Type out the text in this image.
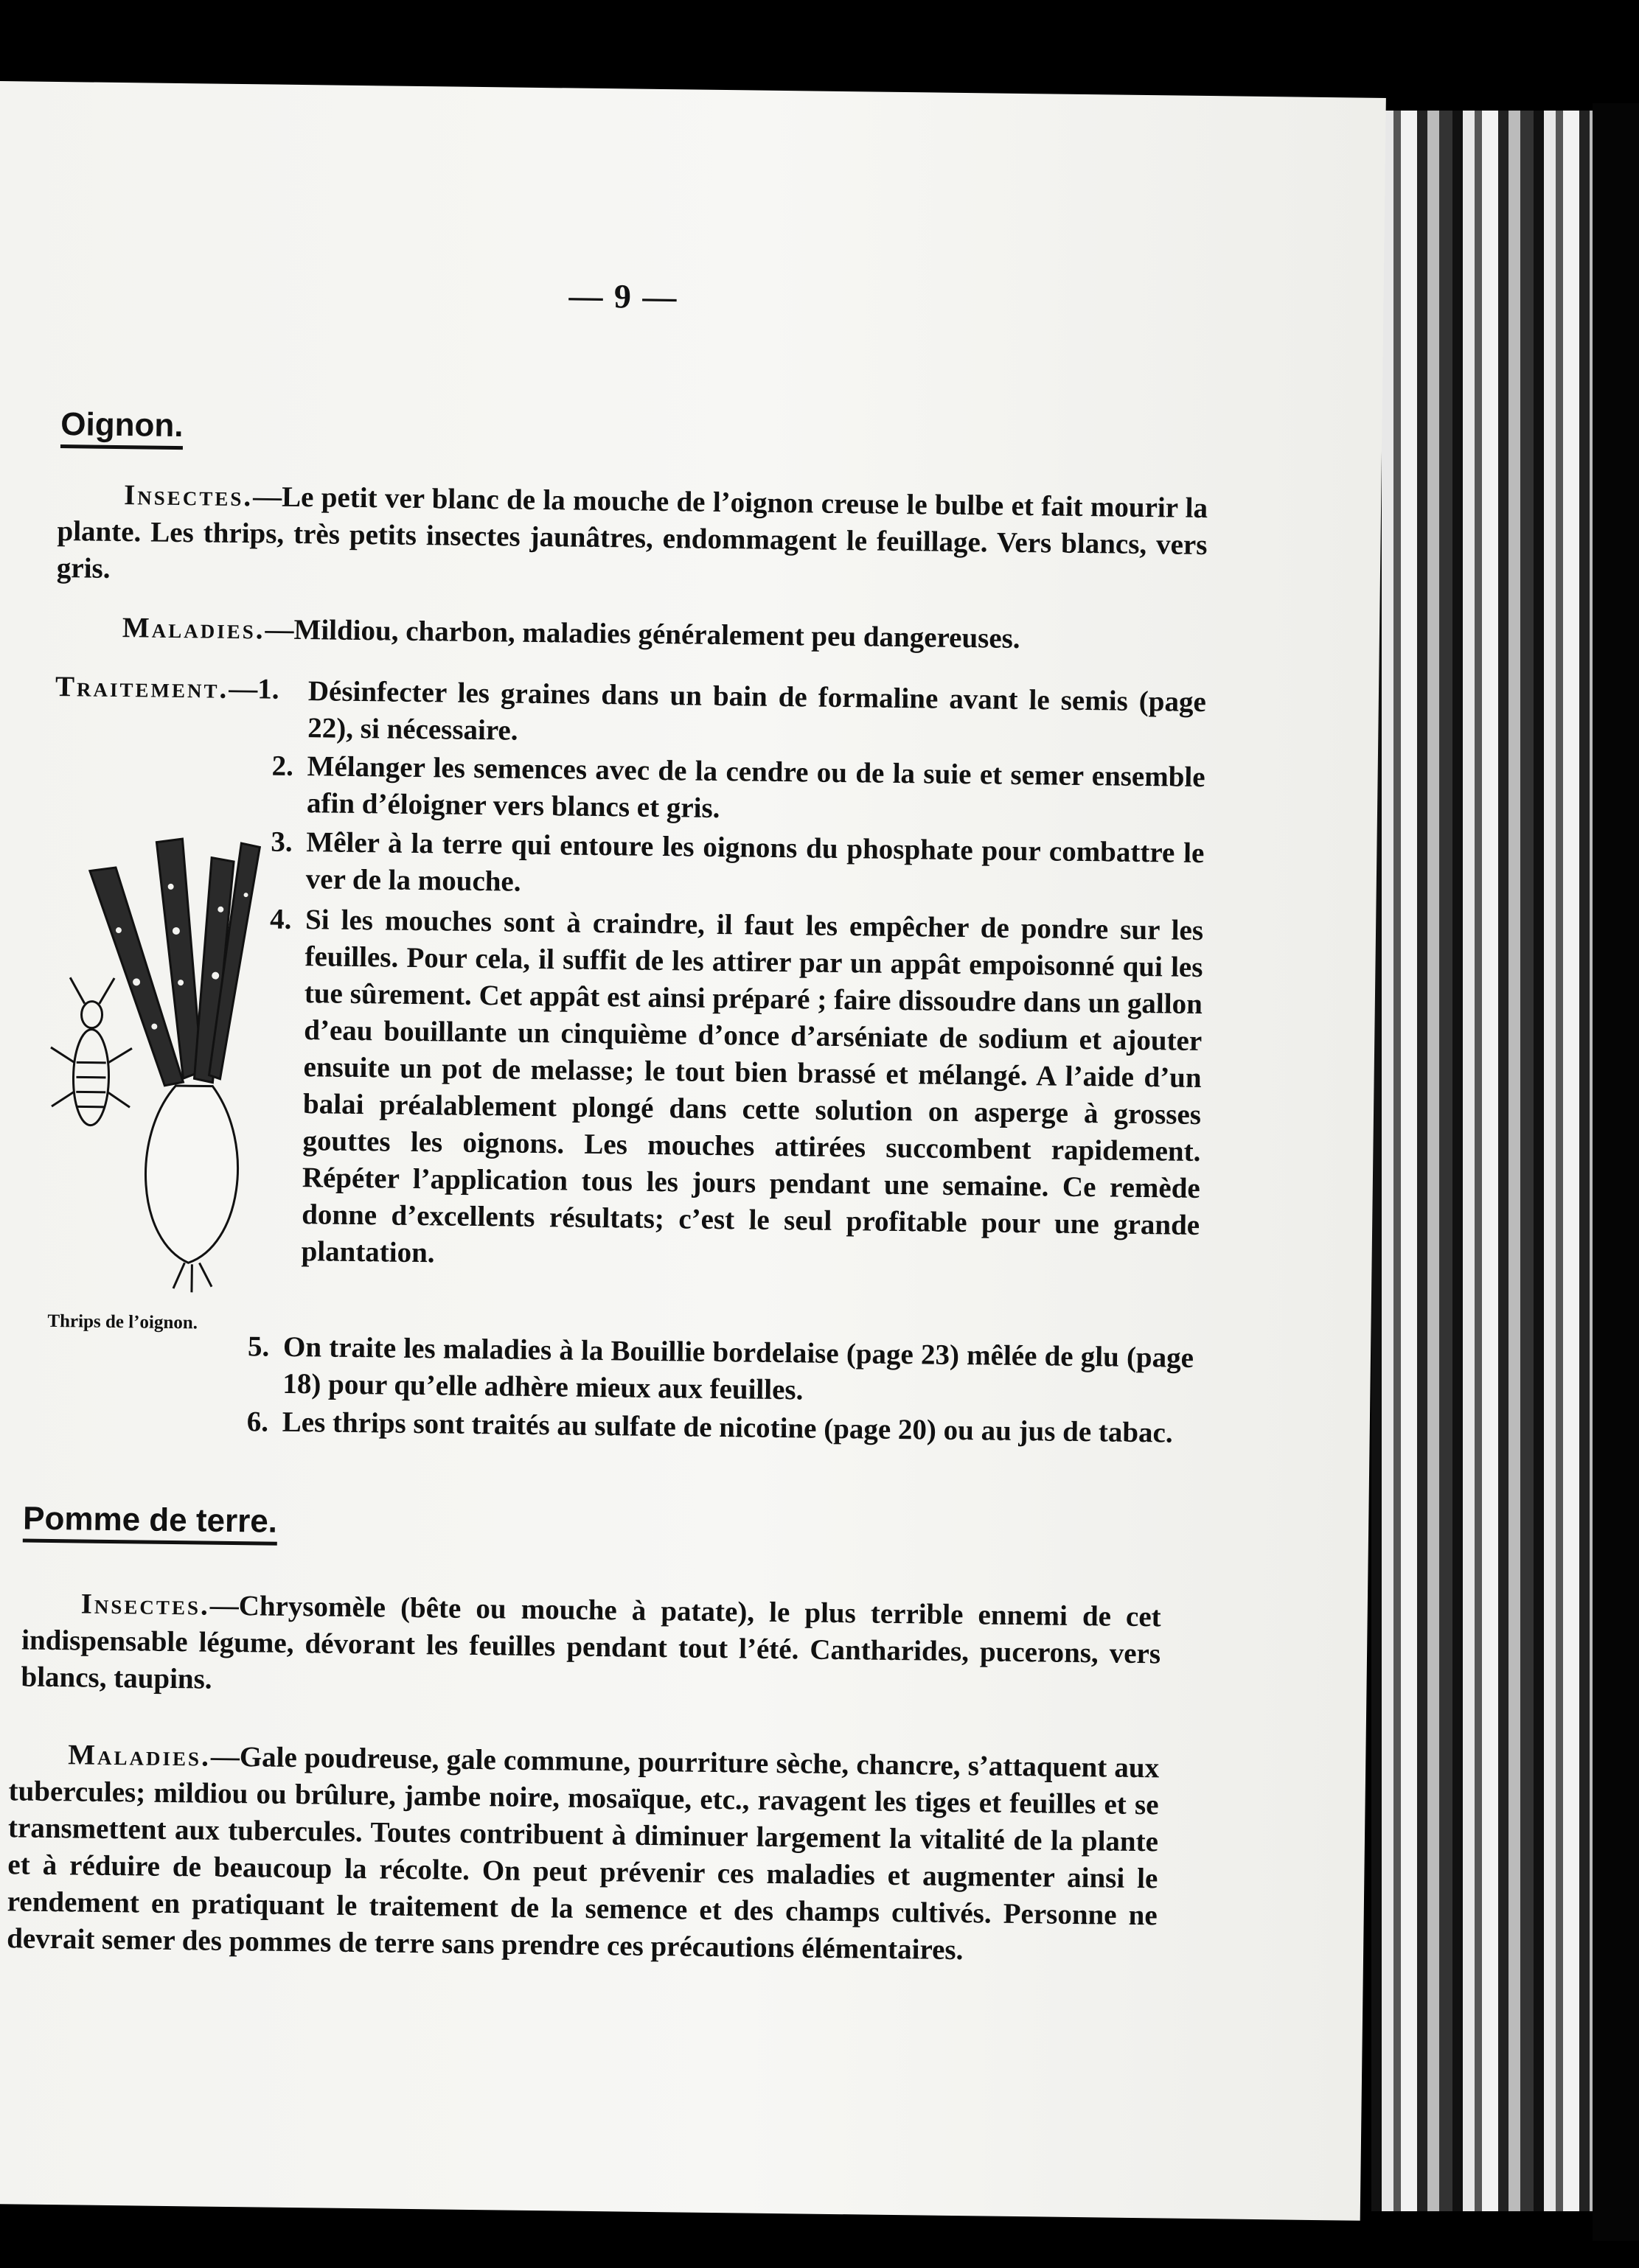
— 9 —
Oignon.
Insectes.—Le petit ver blanc de la mouche de l’oignon creuse le bulbe et fait mourir la plante. Les thrips, très petits insectes jaunâtres, endommagent le feuillage. Vers blancs, vers gris.
Maladies.—Mildiou, charbon, maladies généralement peu dangereuses.
Traitement.—1. Désinfecter les graines dans un bain de formaline avant le semis (page 22), si nécessaire.
2. Mélanger les semences avec de la cendre ou de la suie et semer ensemble afin d’éloigner vers blancs et gris.
3. Mêler à la terre qui entoure les oignons du phosphate pour combattre le ver de la mouche.
4. Si les mouches sont à craindre, il faut les empêcher de pondre sur les feuilles. Pour cela, il suffit de les attirer par un appât empoisonné qui les tue sûrement. Cet appât est ainsi préparé ; faire dissoudre dans un gallon d’eau bouillante un cinquième d’once d’arséniate de sodium et ajouter ensuite un pot de melasse; le tout bien brassé et mélangé. A l’aide d’un balai préalablement plongé dans cette solution on asperge à grosses gouttes les oignons. Les mouches attirées succombent rapidement. Répéter l’application tous les jours pendant une semaine. Ce remède donne d’excellents résultats; c’est le seul profitable pour une grande plantation.
5. On traite les maladies à la Bouillie bordelaise (page 23) mêlée de glu (page 18) pour qu’elle adhère mieux aux feuilles.
6. Les thrips sont traités au sulfate de nicotine (page 20) ou au jus de tabac.
Thrips de l’oignon.
Pomme de terre.
Insectes.—Chrysomèle (bête ou mouche à patate), le plus terrible ennemi de cet indispensable légume, dévorant les feuilles pendant tout l’été. Cantharides, pucerons, vers blancs, taupins.
Maladies.—Gale poudreuse, gale commune, pourriture sèche, chancre, s’attaquent aux tubercules; mildiou ou brûlure, jambe noire, mosaïque, etc., ravagent les tiges et feuilles et se transmettent aux tubercules. Toutes contribuent à diminuer largement la vitalité de la plante et à réduire de beaucoup la récolte. On peut prévenir ces maladies et augmenter ainsi le rendement en pratiquant le traitement de la semence et des champs cultivés. Personne ne devrait semer des pommes de terre sans prendre ces précautions élémentaires.
